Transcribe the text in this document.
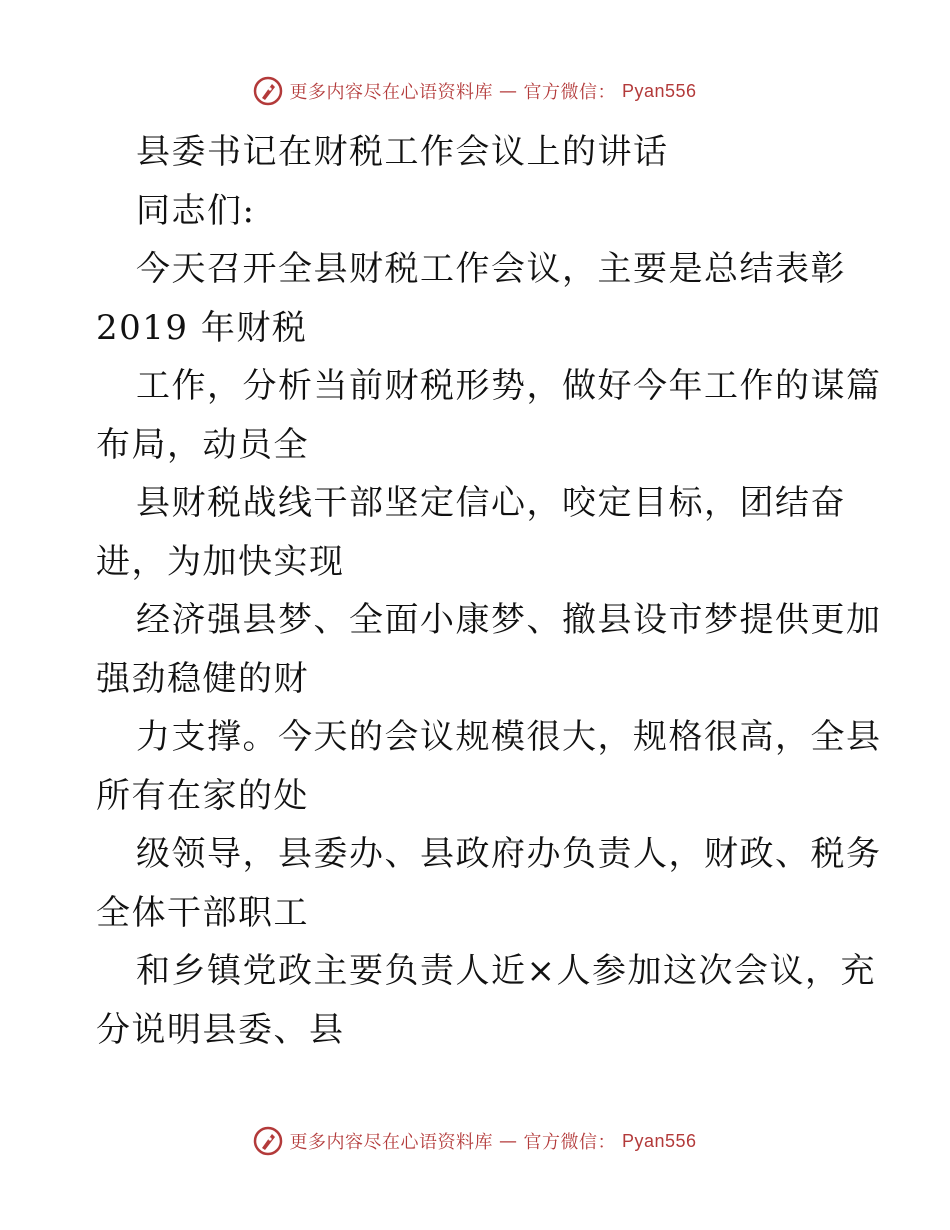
更多内容尽在心语资料库 — 官方微信： Pyan556
县委书记在财税工作会议上的讲话
同志们:
今天召开全县财税工作会议，主要是总结表彰
2019 年财税
工作，分析当前财税形势，做好今年工作的谋篇
布局，动员全
县财税战线干部坚定信心，咬定目标，团结奋
进，为加快实现
经济强县梦、全面小康梦、撤县设市梦提供更加
强劲稳健的财
力支撑。今天的会议规模很大，规格很高，全县
所有在家的处
级领导，县委办、县政府办负责人，财政、税务
全体干部职工
和乡镇党政主要负责人近×人参加这次会议，充
分说明县委、县
更多内容尽在心语资料库 — 官方微信： Pyan556
